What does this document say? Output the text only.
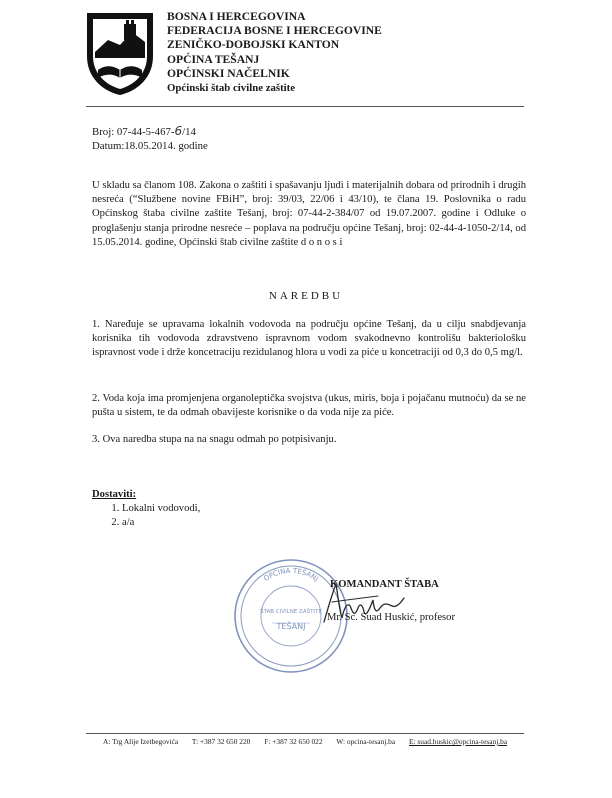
BOSNA I HERCEGOVINA
FEDERACIJA BOSNE I HERCEGOVINE
ZENIČKO-DOBOJSKI KANTON
OPĆINA TEŠANJ
OPĆINSKI NAČELNIK
Općinski štab civilne zaštite
Broj: 07-44-5-467-6/14
Datum:18.05.2014. godine
U skladu sa članom 108. Zakona o zaštiti i spašavanju ljudi i materijalnih dobara od prirodnih i drugih nesreća (“Službene novine FBiH”, broj: 39/03, 22/06 i 43/10), te člana 19. Poslovnika o radu Općinskog štaba civilne zaštite Tešanj, broj: 07-44-2-384/07 od 19.07.2007. godine i Odluke o proglašenju stanja prirodne nesreće – poplava na području općine Tešanj, broj: 02-44-4-1050-2/14, od 15.05.2014. godine, Općinski štab civilne zaštite d o n o s i
NAREDBU
1. Naređuje se upravama lokalnih vodovoda na području općine Tešanj, da u cilju snabdjevanja korisnika tih vodovoda zdravstveno ispravnom vodom svakodnevno kontrolišu bakteriološku ispravnost vode i drže koncetraciju rezidulanog hlora u vodi za piće u koncetraciji od 0,3 do 0,5 mg/l.
2. Voda koja ima promjenjena organoleptička svojstva (ukus, miris, boja i pojačanu mutnoću) da se ne pušta u sistem, te da odmah obavijeste korisnike o da voda nije za piće.
3. Ova naredba stupa na na snagu odmah po potpisivanju.
Dostaviti:
1. Lokalni vodovodi,
2. a/a
OPĆINA TEŠANJ
ŠTAB CIVILNE ZAŠTITE
TEŠANJ
KOMANDANT ŠTABA
Mr. Sc. Suad Huskić, profesor
A: Trg Alije Izetbegovića T: +387 32 650 220 F: +387 32 650 022 W: opcina-tesanj.ba E: suad.huskic@opcina-tesanj.ba
